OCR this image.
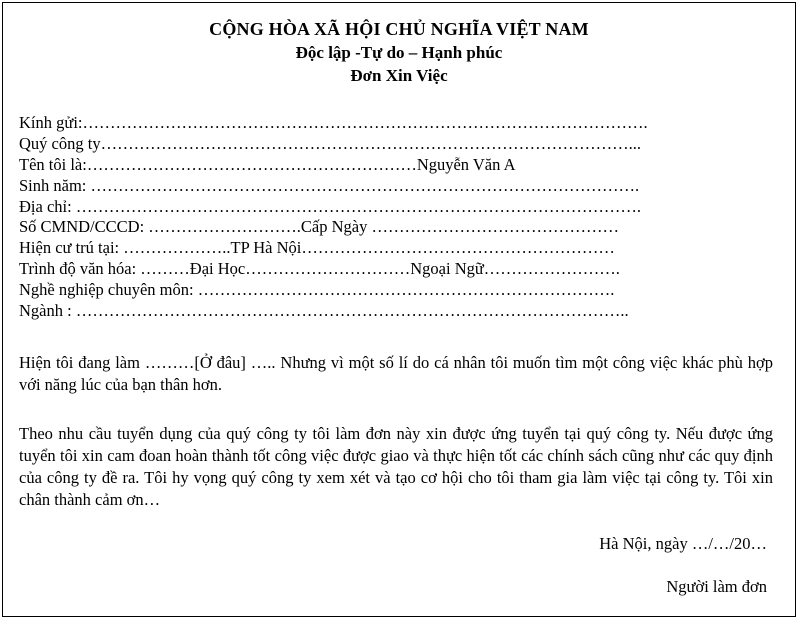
CỘNG HÒA XÃ HỘI CHỦ NGHĨA VIỆT NAM
Độc lập -Tự do – Hạnh phúc
Đơn Xin Việc
Kính gửi:………………………………………………………………………………………….
Quý công ty……………………………………………………………………………………...
Tên tôi là:……………………………………………………Nguyễn Văn A
Sinh năm: ……………………………………………………………………………………….
Địa chỉ: ………………………………………………………………………………………….
Số CMND/CCCD: ……………………….Cấp Ngày ………………………………………
Hiện cư trú tại: ………………..TP Hà Nội…………………………………………………
Trình độ văn hóa: ………Đại Học…………………………Ngoại Ngữ…………………….
Nghề nghiệp chuyên môn: ………………………………………………………………….
Ngành : ………………………………………………………………………………………..
Hiện tôi đang làm ………[Ở đâu] ….. Nhưng vì một số lí do cá nhân tôi muốn tìm một công việc khác phù hợp với năng lúc của bạn thân hơn.
Theo nhu cầu tuyển dụng của quý công ty tôi làm đơn này xin được ứng tuyển tại quý công ty. Nếu được ứng tuyển tôi xin cam đoan hoàn thành tốt công việc được giao và thực hiện tốt các chính sách cũng như các quy định của công ty đề ra. Tôi hy vọng quý công ty xem xét và tạo cơ hội cho tôi tham gia làm việc tại công ty. Tôi xin chân thành cảm ơn…
Hà Nội, ngày …/…/20…
Người làm đơn
